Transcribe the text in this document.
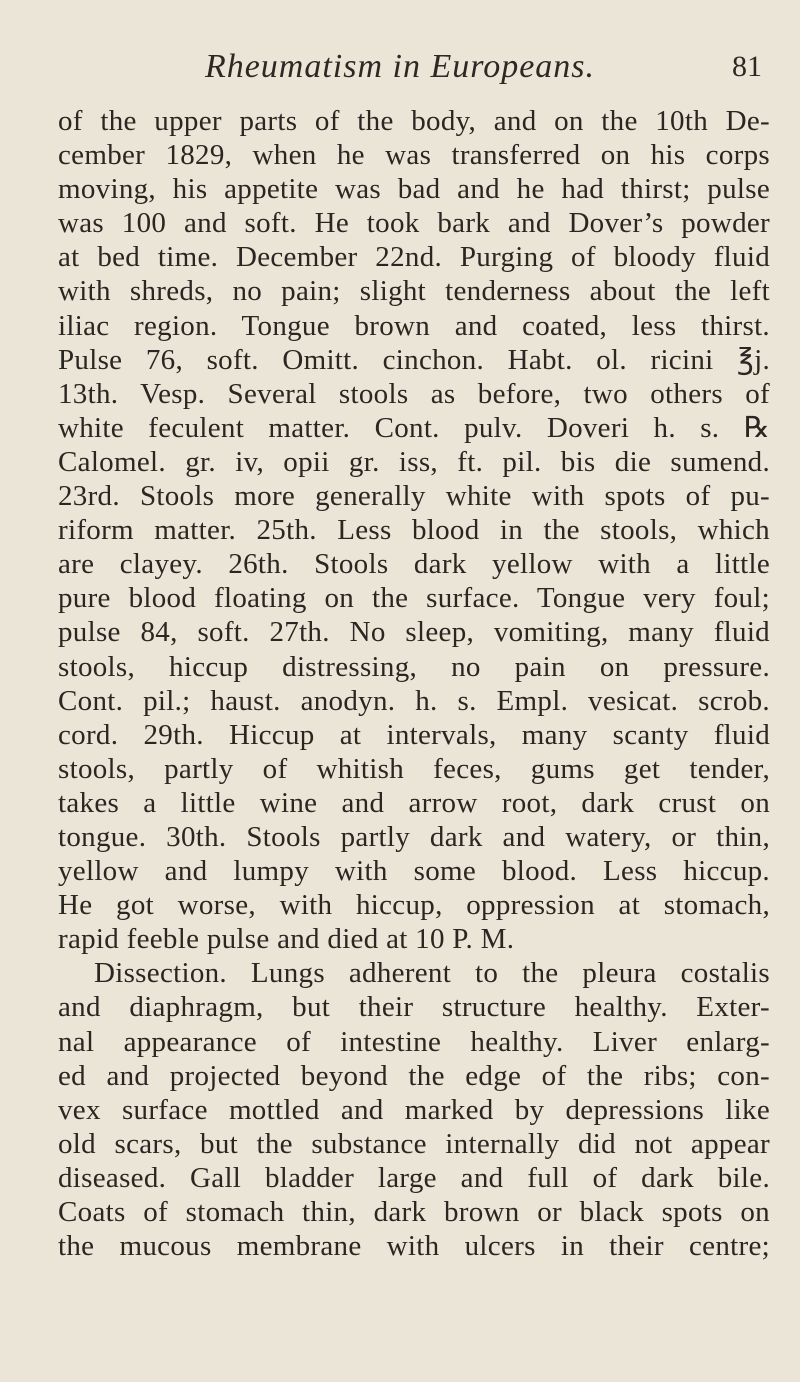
Rheumatism in Europeans.	81
of the upper parts of the body, and on the 10th De-
cember 1829, when he was transferred on his corps
moving, his appetite was bad and he had thirst; pulse
was 100 and soft. He took bark and Dover’s powder
at bed time. December 22nd. Purging of bloody fluid
with shreds, no pain; slight tenderness about the left
iliac region. Tongue brown and coated, less thirst.
Pulse 76, soft. Omitt. cinchon. Habt. ol. ricini ℥j.
13th. Vesp. Several stools as before, two others of
white feculent matter. Cont. pulv. Doveri h. s. ℞
Calomel. gr. iv, opii gr. iss, ft. pil. bis die sumend.
23rd. Stools more generally white with spots of pu-
riform matter. 25th. Less blood in the stools, which
are clayey. 26th. Stools dark yellow with a little
pure blood floating on the surface. Tongue very foul;
pulse 84, soft. 27th. No sleep, vomiting, many fluid
stools, hiccup distressing, no pain on pressure.
Cont. pil.; haust. anodyn. h. s. Empl. vesicat. scrob.
cord. 29th. Hiccup at intervals, many scanty fluid
stools, partly of whitish feces, gums get tender,
takes a little wine and arrow root, dark crust on
tongue. 30th. Stools partly dark and watery, or thin,
yellow and lumpy with some blood. Less hiccup.
He got worse, with hiccup, oppression at stomach,
rapid feeble pulse and died at 10 P. M.
Dissection. Lungs adherent to the pleura costalis
and diaphragm, but their structure healthy. Exter-
nal appearance of intestine healthy. Liver enlarg-
ed and projected beyond the edge of the ribs; con-
vex surface mottled and marked by depressions like
old scars, but the substance internally did not appear
diseased. Gall bladder large and full of dark bile.
Coats of stomach thin, dark brown or black spots on
the mucous membrane with ulcers in their centre;
